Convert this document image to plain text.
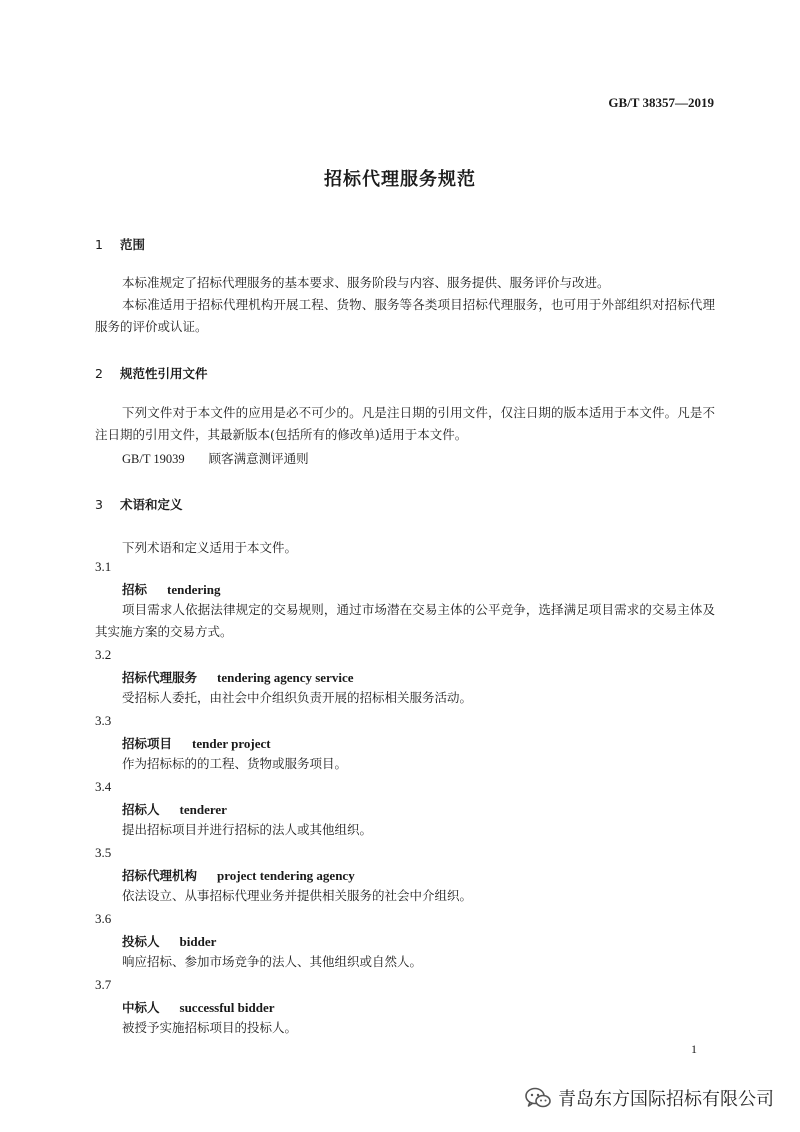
GB/T 38357—2019
招标代理服务规范
1 范围
本标准规定了招标代理服务的基本要求、服务阶段与内容、服务提供、服务评价与改进。
本标准适用于招标代理机构开展工程、货物、服务等各类项目招标代理服务，也可用于外部组织对招标代理服务的评价或认证。
2 规范性引用文件
下列文件对于本文件的应用是必不可少的。凡是注日期的引用文件，仅注日期的版本适用于本文件。凡是不注日期的引用文件，其最新版本(包括所有的修改单)适用于本文件。
GB/T 19039 顾客满意测评通则
3 术语和定义
下列术语和定义适用于本文件。
3.1
招标 tendering
项目需求人依据法律规定的交易规则，通过市场潜在交易主体的公平竞争，选择满足项目需求的交易主体及其实施方案的交易方式。
3.2
招标代理服务 tendering agency service
受招标人委托，由社会中介组织负责开展的招标相关服务活动。
3.3
招标项目 tender project
作为招标标的的工程、货物或服务项目。
3.4
招标人 tenderer
提出招标项目并进行招标的法人或其他组织。
3.5
招标代理机构 project tendering agency
依法设立、从事招标代理业务并提供相关服务的社会中介组织。
3.6
投标人 bidder
响应招标、参加市场竞争的法人、其他组织或自然人。
3.7
中标人 successful bidder
被授予实施招标项目的投标人。
1
青岛东方国际招标有限公司
